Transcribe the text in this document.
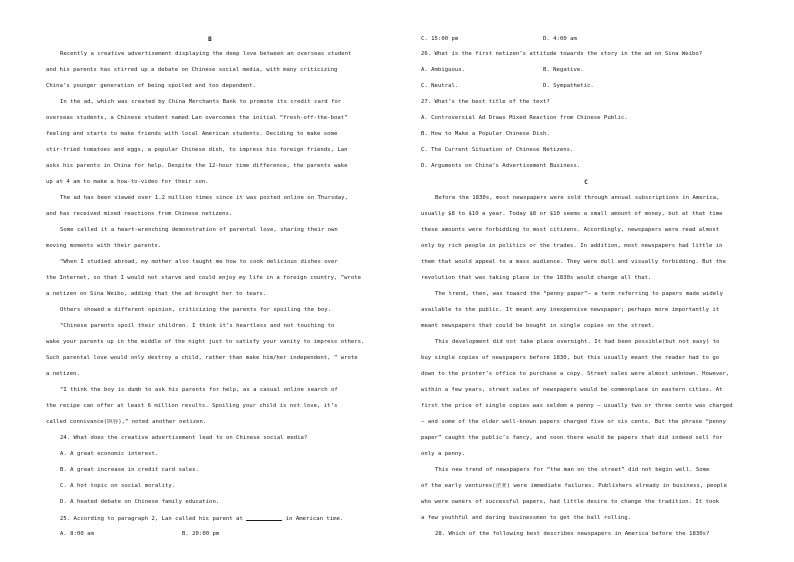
B
Recently a creative advertisement displaying the deep love between an overseas student
and his parents has stirred up a debate on Chinese social media, with many criticizing
China’s younger generation of being spoiled and too dependent.
In the ad, which was created by China Merchants Bank to promote its credit card for
overseas students, a Chinese student named Lan overcomes the initial “fresh-off-the-boat”
feeling and starts to make friends with local American students. Deciding to make some
stir-fried tomatoes and eggs, a popular Chinese dish, to impress his foreign friends, Lan
asks his parents in China for help. Despite the 12-hour time difference, the parents wake
up at 4 am to make a how-to-video for their son.
The ad has been viewed over 1.2 million times since it was posted online on Thursday,
and has received mixed reactions from Chinese netizens.
Some called it a heart-wrenching demonstration of parental love, sharing their own
moving moments with their parents.
“When I studied abroad, my mother also taught me how to cook delicious dishes over
the Internet, so that I would not starve and could enjoy my life in a foreign country, ”wrote
a netizen on Sina Weibo, adding that the ad brought her to tears.
Others showed a different opinion, criticizing the parents for spoiling the boy.
“Chinese parents spoil their children. I think it’s heartless and not touching to
wake your parents up in the middle of the night just to satisfy your vanity to impress others.
Such parental love would only destroy a child, rather than make him/her independent, ” wrote
a netizen.
“I think the boy is dumb to ask his parents for help, as a casual online search of
the recipe can offer at least 6 million results. Spoiling your child is not love, it’s
called connivance(纵容),” noted another netizen.
24. What does the creative advertisement lead to on Chinese social media?
A. A great economic interest.
B. A great increase in credit card sales.
C. A hot topic on social morality.
D. A heated debate on Chinese family education.
25. According to paragraph 2, Lan called his parent at	in American time.
A. 8:00 am	B. 20:00 pm
C. 15:00 pm	D. 4:00 am
26. What is the first netizen’s attitude towards the story in the ad on Sina Weibo?
A. Ambiguous.	B. Negative.
C. Neutral.	D. Sympathetic.
27. What’s the best title of the text?
A. Controversial Ad Draws Mixed Reaction from Chinese Public.
B. How to Make a Popular Chinese Dish.
C. The Current Situation of Chinese Netizens.
D. Arguments on China’s Advertisement Business.
C
Before the 1830s, most newspapers were sold through annual subscriptions in America,
usually $8 to $10 a year. Today $8 or $10 seems a small amount of money, but at that time
these amounts were forbidding to most citizens. Accordingly, newspapers were read almost
only by rich people in politics or the trades. In addition, most newspapers had little in
them that would appeal to a mass audience. They were dull and visually forbidding. But the
revolution that was taking place in the 1830s would change all that.
The trend, then, was toward the “penny paper”— a term referring to papers made widely
available to the public. It meant any inexpensive newspaper; perhaps more importantly it
meant newspapers that could be bought in single copies on the street.
This development did not take place overnight. It had been possible(but not easy) to
buy single copies of newspapers before 1830, but this usually meant the reader had to go
down to the printer’s office to purchase a copy. Street sales were almost unknown. However,
within a few years, street sales of newspapers would be commonplace in eastern cities. At
first the price of single copies was seldom a penny — usually two or three cents was charged
— and some of the older well-known papers charged five or six cents. But the phrase “penny
paper” caught the public’s fancy, and soon there would be papers that did indeed sell for
only a penny.
This new trend of newspapers for “the man on the street” did not begin well. Some
of the early ventures(企业) were immediate failures. Publishers already in business, people
who were owners of successful papers, had little desire to change the tradition. It took
a few youthful and daring businessmen to get the ball rolling.
28. Which of the following best describes newspapers in America before the 1830s?
